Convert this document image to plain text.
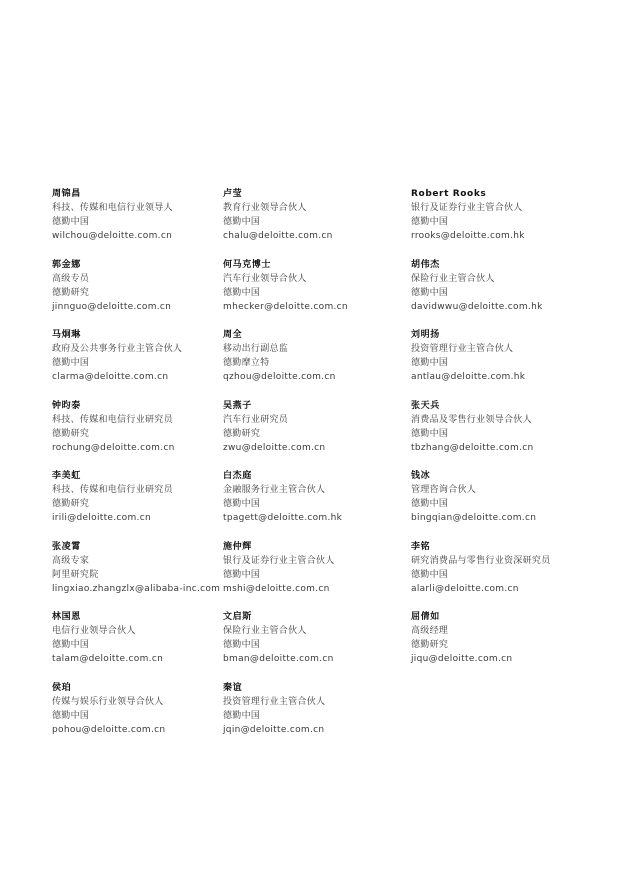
周锦昌
科技、传媒和电信行业领导人
德勤中国
wilchou@deloitte.com.cn
郭金娜
高级专员
德勤研究
jinnguo@deloitte.com.cn
马炯琳
政府及公共事务行业主管合伙人
德勤中国
clarma@deloitte.com.cn
钟昀泰
科技、传媒和电信行业研究员
德勤研究
rochung@deloitte.com.cn
李美虹
科技、传媒和电信行业研究员
德勤研究
irili@deloitte.com.cn
张凌霄
高级专家
阿里研究院
lingxiao.zhangzlx@alibaba-inc.com
林国恩
电信行业领导合伙人
德勤中国
talam@deloitte.com.cn
侯珀
传媒与娱乐行业领导合伙人
德勤中国
pohou@deloitte.com.cn
卢莹
教育行业领导合伙人
德勤中国
chalu@deloitte.com.cn
何马克博士
汽车行业领导合伙人
德勤中国
mhecker@deloitte.com.cn
周全
移动出行副总监
德勤摩立特
qzhou@deloitte.com.cn
吴燕子
汽车行业研究员
德勤研究
zwu@deloitte.com.cn
白杰庭
金融服务行业主管合伙人
德勤中国
tpagett@deloitte.com.hk
施仲辉
银行及证券行业主管合伙人
德勤中国
mshi@deloitte.com.cn
文启斯
保险行业主管合伙人
德勤中国
bman@deloitte.com.cn
秦谊
投资管理行业主管合伙人
德勤中国
jqin@deloitte.com.cn
Robert Rooks
银行及证券行业主管合伙人
德勤中国
rrooks@deloitte.com.hk
胡伟杰
保险行业主管合伙人
德勤中国
davidwwu@deloitte.com.hk
刘明扬
投资管理行业主管合伙人
德勤中国
antlau@deloitte.com.hk
张天兵
消费品及零售行业领导合伙人
德勤中国
tbzhang@deloitte.com.cn
钱冰
管理咨询合伙人
德勤中国
bingqian@deloitte.com.cn
李铭
研究消费品与零售行业资深研究员
德勤中国
alarli@deloitte.com.cn
屈倩如
高级经理
德勤研究
jiqu@deloitte.com.cn
